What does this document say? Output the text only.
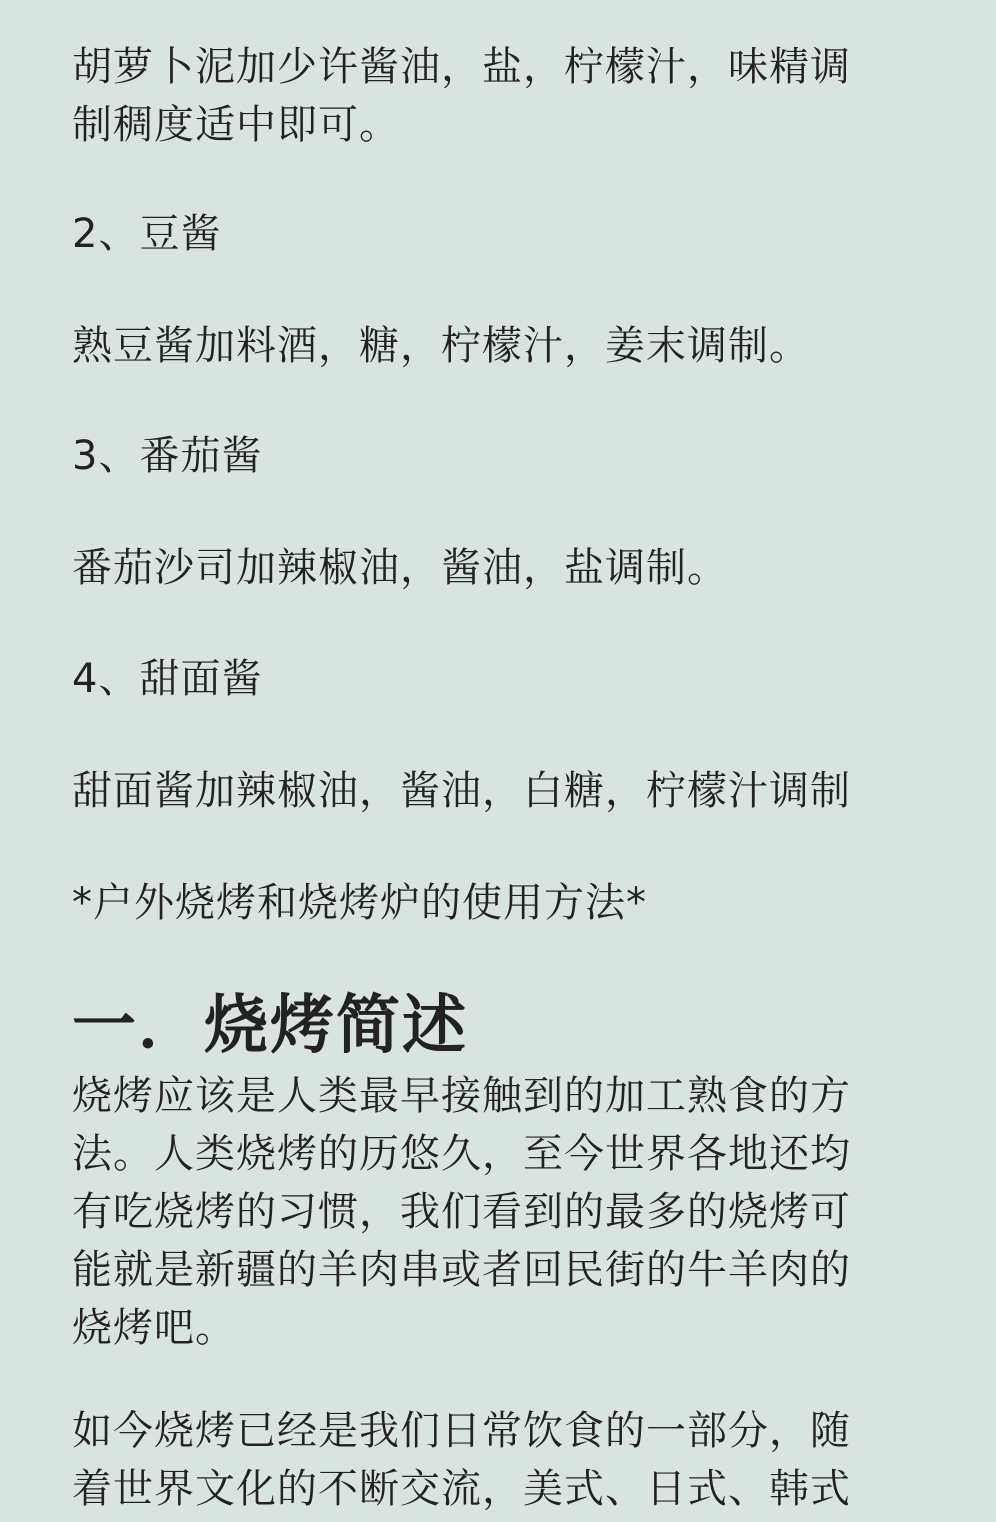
胡萝卜泥加少许酱油，盐，柠檬汁，味精调
制稠度适中即可。

2、豆酱

熟豆酱加料酒，糖，柠檬汁，姜末调制。

3、番茄酱

番茄沙司加辣椒油，酱油，盐调制。

4、甜面酱

甜面酱加辣椒油，酱油，白糖，柠檬汁调制

*户外烧烤和烧烤炉的使用方法*

一．烧烤简述
烧烤应该是人类最早接触到的加工熟食的方
法。人类烧烤的历悠久，至今世界各地还均
有吃烧烤的习惯，我们看到的最多的烧烤可
能就是新疆的羊肉串或者回民街的牛羊肉的
烧烤吧。
如今烧烤已经是我们日常饮食的一部分，随
着世界文化的不断交流，美式、日式、韩式
